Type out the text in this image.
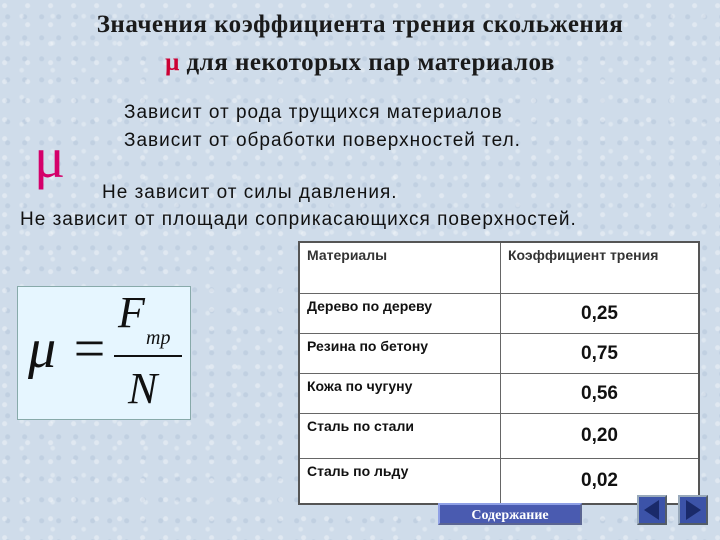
Значения коэффициента трения скольжения
μ для некоторых пар материалов
Зависит от рода трущихся материалов
Зависит от обработки поверхностей тел.
μ
Не зависит от силы давления.
Не зависит от площади соприкасающихся поверхностей.
μ =
F
тр
N
Материалы	Коэффициент трения
Дерево по дереву	0,25
Резина по бетону	0,75
Кожа по чугуну	0,56
Сталь по стали	0,20
Сталь по льду	0,02
Содержание
